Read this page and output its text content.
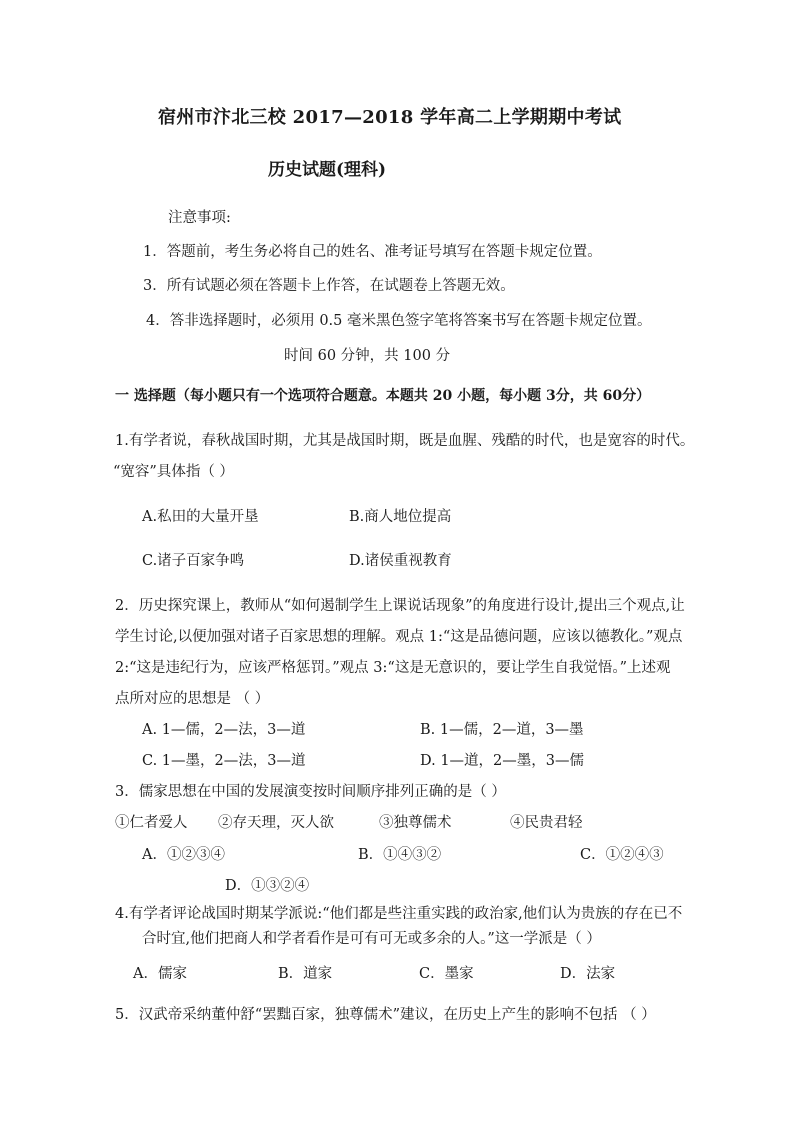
宿州市汴北三校 2017—2018 学年高二上学期期中考试
历史试题(理科)
注意事项:
1．答题前，考生务必将自己的姓名、准考证号填写在答题卡规定位置。
3．所有试题必须在答题卡上作答，在试题卷上答题无效。
4．答非选择题时，必须用 0.5 毫米黑色签字笔将答案书写在答题卡规定位置。
时间 60 分钟，共 100 分
一 选择题（每小题只有一个选项符合题意。本题共 20 小题，每小题 3分，共 60分）
1.有学者说，春秋战国时期，尤其是战国时期，既是血腥、残酷的时代，也是宽容的时代。
“宽容”具体指（ ）
A.私田的大量开垦	B.商人地位提高
C.诸子百家争鸣	D.诸侯重视教育
2．历史探究课上，教师从“如何遏制学生上课说话现象”的角度进行设计,提出三个观点,让
学生讨论,以便加强对诸子百家思想的理解。观点 1:“这是品德问题，应该以德教化。”观点
2:“这是违纪行为，应该严格惩罚。”观点 3:“这是无意识的，要让学生自我觉悟。”上述观
点所对应的思想是 （ ）
A. 1—儒，2—法，3—道	B. 1—儒，2—道，3—墨
C. 1—墨，2—法，3—道	D. 1—道，2—墨，3—儒
3．儒家思想在中国的发展演变按时间顺序排列正确的是（ ）
①仁者爱人 ②存天理，灭人欲	③独尊儒术	④民贵君轻
A．①②③④	B．①④③②	C．①②④③
D．①③②④
4.有学者评论战国时期某学派说:“他们都是些注重实践的政治家,他们认为贵族的存在已不
合时宜,他们把商人和学者看作是可有可无或多余的人。”这一学派是（ ）
A．儒家	B．道家	C．墨家	D．法家
5．汉武帝采纳董仲舒“罢黜百家，独尊儒术”建议，在历史上产生的影响不包括 （ ）
